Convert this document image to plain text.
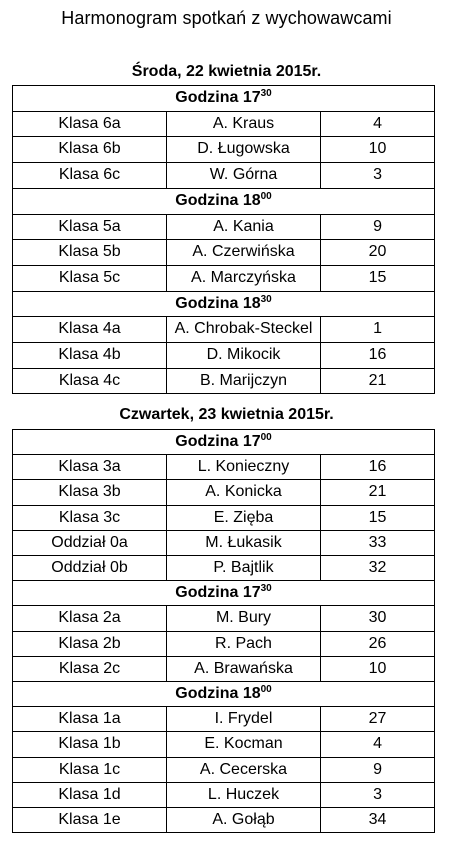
Harmonogram spotkań z wychowawcami
Środa, 22 kwietnia 2015r.
Godzina $17^{30}$
Klasa 6a	A. Kraus	4
Klasa 6b	D. Ługowska	10
Klasa 6c	W. Górna	3
Godzina $18^{00}$
Klasa 5a	A. Kania	9
Klasa 5b	A. Czerwińska	20
Klasa 5c	A. Marczyńska	15
Godzina $18^{30}$
Klasa 4a	A. Chrobak-Steckel	1
Klasa 4b	D. Mikocik	16
Klasa 4c	B. Marijczyn	21
Czwartek, 23 kwietnia 2015r.
Godzina $17^{00}$
Klasa 3a	L. Konieczny	16
Klasa 3b	A. Konicka	21
Klasa 3c	E. Zięba	15
Oddział 0a	M. Łukasik	33
Oddział 0b	P. Bajtlik	32
Godzina $17^{30}$
Klasa 2a	M. Bury	30
Klasa 2b	R. Pach	26
Klasa 2c	A. Brawańska	10
Godzina $18^{00}$
Klasa 1a	I. Frydel	27
Klasa 1b	E. Kocman	4
Klasa 1c	A. Cecerska	9
Klasa 1d	L. Huczek	3
Klasa 1e	A. Gołąb	34
